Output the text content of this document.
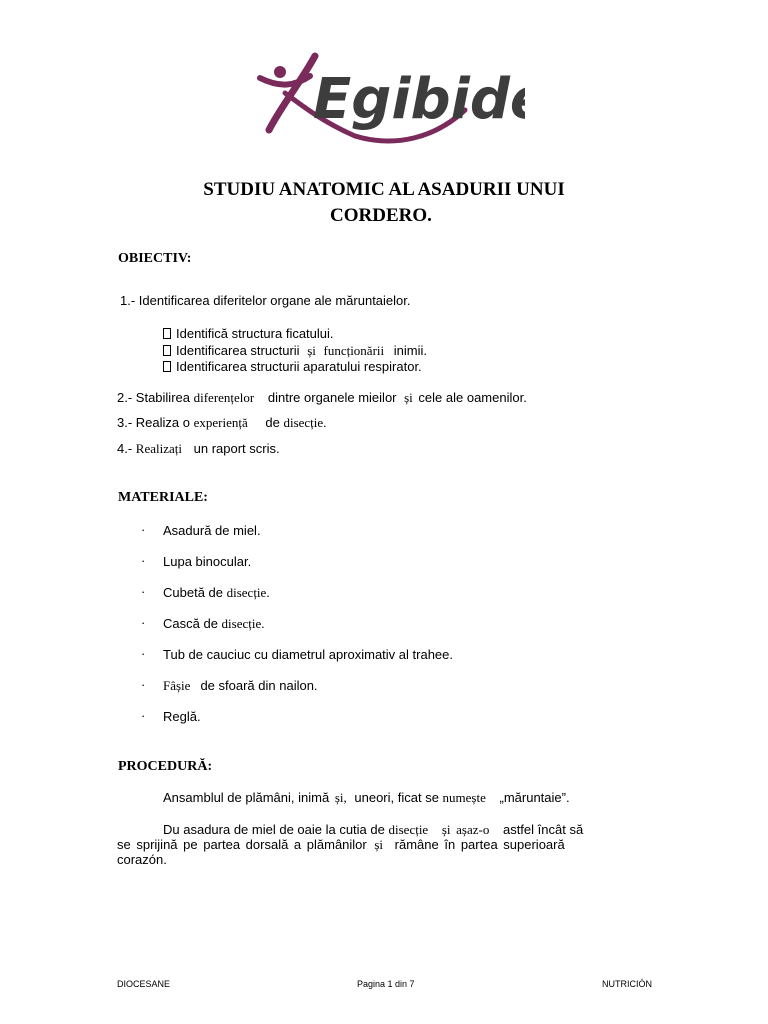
Egibide
STUDIU ANATOMIC AL ASADURII UNUI
CORDERO.
OBIECTIV:
1.- Identificarea diferitelor organe ale măruntaielor.
Identifică structura ficatului.
Identificarea structurii și funcționării inimii.
Identificarea structurii aparatului respirator.
2.- Stabilirea diferențelor dintre organele mieilor și cele ale oamenilor.
3.- Realiza o experiență de disecție.
4.- Realizați un raport scris.
MATERIALE:
· Asadură de miel.
· Lupa binocular.
· Cubetă de disecție.
· Cască de disecție.
· Tub de cauciuc cu diametrul aproximativ al trahee.
· Fâșie de sfoară din nailon.
· Reglă.
PROCEDURĂ:
Ansamblul de plămâni, inimă și, uneori, ficat se numește „măruntaie”.
Du asadura de miel de oaie la cutia de disecție și așaz-o astfel încât să
se sprijină pe partea dorsală a plămânilor și rămâne în partea superioară
corazón.
DIOCESANE	Pagina 1 din 7	NUTRICIÓN
